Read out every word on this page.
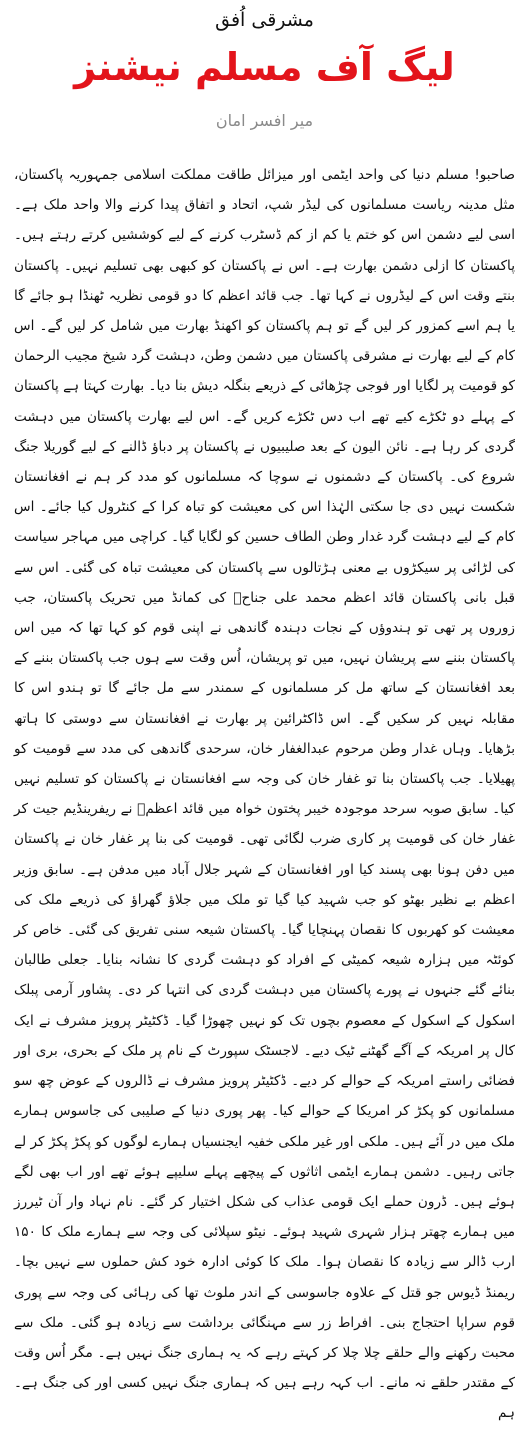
مشرقی اُفق
لیگ آف مسلم نیشنز
میر افسر امان

صاحبو! مسلم دنیا کی واحد ایٹمی اور میزائل طاقت مملکت اسلامی جمہوریہ پاکستان، مثل مدینہ ریاست مسلمانوں کی لیڈر شپ، اتحاد و اتفاق پیدا کرنے والا واحد ملک ہے۔ اسی لیے دشمن اس کو ختم یا کم از کم ڈسٹرب کرنے کے لیے کوششیں کرتے رہتے ہیں۔ پاکستان کا ازلی دشمن بھارت ہے۔ اس نے پاکستان کو کبھی بھی تسلیم نہیں۔ پاکستان بنتے وقت اس کے لیڈروں نے کہا تھا۔ جب قائد اعظم کا دو قومی نظریہ ٹھنڈا ہو جائے گا یا ہم اسے کمزور کر لیں گے تو ہم پاکستان کو اکھنڈ بھارت میں شامل کر لیں گے۔ اس کام کے لیے بھارت نے مشرقی پاکستان میں دشمن وطن، دہشت گرد شیخ مجیب الرحمان کو قومیت پر لگایا اور فوجی چڑھائی کے ذریعے بنگلہ دیش بنا دیا۔ بھارت کہتا ہے پاکستان کے پہلے دو ٹکڑے کیے تھے اب دس ٹکڑے کریں گے۔ اس لیے بھارت پاکستان میں دہشت گردی کر رہا ہے۔ نائن الیون کے بعد صلیبیوں نے پاکستان پر دباؤ ڈالنے کے لیے گوریلا جنگ شروع کی۔ پاکستان کے دشمنوں نے سوچا کہ مسلمانوں کو مدد کر ہم نے افغانستان شکست نہیں دی جا سکتی الہٰذا اس کی معیشت کو تباہ کرا کے کنٹرول کیا جائے۔ اس کام کے لیے دہشت گرد غدار وطن الطاف حسین کو لگایا گیا۔ کراچی میں مہاجر سیاست کی لڑائی پر سیکڑوں بے معنی ہڑتالوں سے پاکستان کی معیشت تباہ کی گئی۔ اس سے قبل بانی پاکستان قائد اعظم محمد علی جناحؒ کی کمانڈ میں تحریک پاکستان، جب زوروں پر تھی تو ہندوؤں کے نجات دہندہ گاندھی نے اپنی قوم کو کہا تھا کہ میں اس پاکستان بننے سے پریشان نہیں، میں تو پریشان، اُس وقت سے ہوں جب پاکستان بننے کے بعد افغانستان کے ساتھ مل کر مسلمانوں کے سمندر سے مل جائے گا تو ہندو اس کا مقابلہ نہیں کر سکیں گے۔ اس ڈاکٹرائین پر بھارت نے افغانستان سے دوستی کا ہاتھ بڑھایا۔ وہاں غدار وطن مرحوم عبدالغفار خان، سرحدی گاندھی کی مدد سے قومیت کو پھیلایا۔ جب پاکستان بنا تو غفار خان کی وجہ سے افغانستان نے پاکستان کو تسلیم نہیں کیا۔ سابق صوبہ سرحد موجودہ خیبر پختون خواہ میں قائد اعظمؒ نے ریفرینڈیم جیت کر غفار خان کی قومیت پر کاری ضرب لگائی تھی۔ قومیت کی بنا پر غفار خان نے پاکستان میں دفن ہونا بھی پسند کیا اور افغانستان کے شہر جلال آباد میں مدفن ہے۔ سابق وزیر اعظم بے نظیر بھٹو کو جب شہید کیا گیا تو ملک میں جلاؤ گھراؤ کی ذریعے ملک کی معیشت کو کھربوں کا نقصان پہنچایا گیا۔ پاکستان شیعہ سنی تفریق کی گئی۔ خاص کر کوئٹہ میں ہزارہ شیعہ کمیٹی کے افراد کو دہشت گردی کا نشانہ بنایا۔ جعلی طالبان بنائے گئے جنہوں نے پورے پاکستان میں دہشت گردی کی انتہا کر دی۔ پشاور آرمی پبلک اسکول کے اسکول کے معصوم بچوں تک کو نہیں چھوڑا گیا۔ ڈکٹیٹر پرویز مشرف نے ایک کال پر امریکہ کے آگے گھٹنے ٹیک دیے۔ لاجسٹک سپورٹ کے نام پر ملک کے بحری، بری اور فضائی راستے امریکہ کے حوالے کر دیے۔ ڈکٹیٹر پرویز مشرف نے ڈالروں کے عوض چھ سو مسلمانوں کو پکڑ کر امریکا کے حوالے کیا۔ پھر پوری دنیا کے صلیبی کی جاسوس ہمارے ملک میں در آئے ہیں۔ ملکی اور غیر ملکی خفیہ ایجنسیاں ہمارے لوگوں کو پکڑ پکڑ کر لے جاتی رہیں۔ دشمن ہمارے ایٹمی اثاثوں کے پیچھے پہلے سلیپے ہوئے تھے اور اب بھی لگے ہوئے ہیں۔ ڈرون حملے ایک قومی عذاب کی شکل اختیار کر گئے۔ نام نہاد وار آن ٹیررز میں ہمارے چھتر ہزار شہری شہید ہوئے۔ نیٹو سپلائی کی وجہ سے ہمارے ملک کا ۱۵۰ ارب ڈالر سے زیادہ کا نقصان ہوا۔ ملک کا کوئی ادارہ خود کش حملوں سے نہیں بچا۔ ریمنڈ ڈیوس جو قتل کے علاوہ جاسوسی کے اندر ملوث تھا کی رہائی کی وجہ سے پوری قوم سراپا احتجاج بنی۔ افراط زر سے مہنگائی برداشت سے زیادہ ہو گئی۔ ملک سے محبت رکھنے والے حلقے چلا چلا کر کہتے رہے کہ یہ ہماری جنگ نہیں ہے۔ مگر اُس وقت کے مقتدر حلقے نہ مانے۔ اب کہہ رہے ہیں کہ ہماری جنگ نہیں کسی اور کی جنگ ہے۔ ہم
